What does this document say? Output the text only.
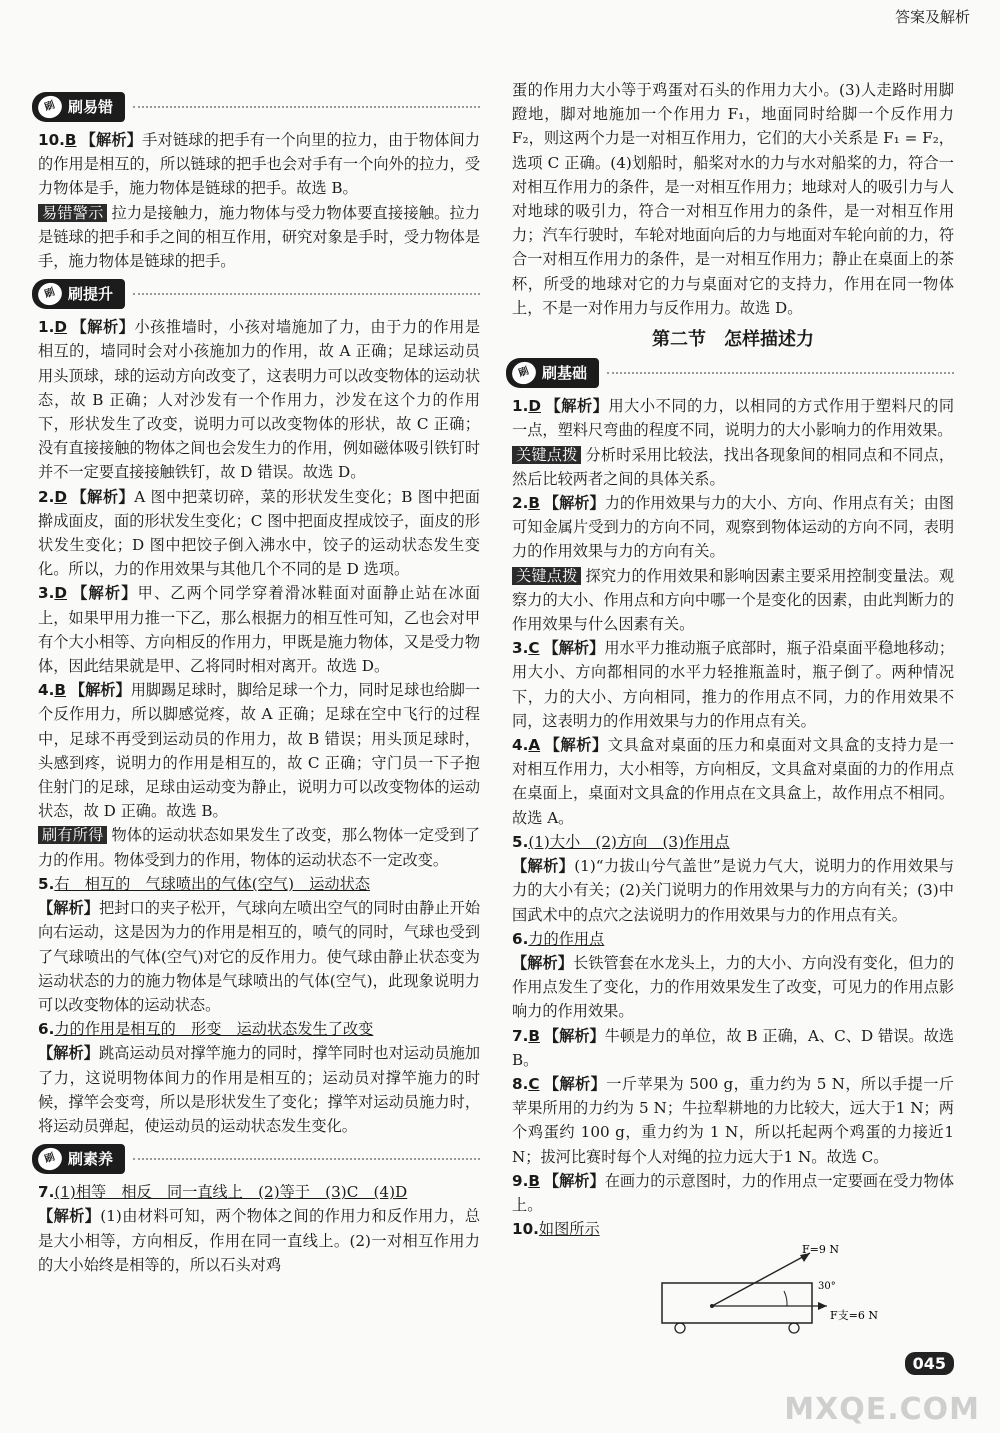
答案及解析
刷 刷易错

10.B 【解析】手对链球的把手有一个向里的拉力，由于物体间力的作用是相互的，所以链球的把手也会对手有一个向外的拉力，受力物体是手，施力物体是链球的把手。故选 B。

易错警示 拉力是接触力，施力物体与受力物体要直接接触。拉力是链球的把手和手之间的相互作用，研究对象是手时，受力物体是手，施力物体是链球的把手。

刷 刷提升

1.D 【解析】小孩推墙时，小孩对墙施加了力，由于力的作用是相互的，墙同时会对小孩施加力的作用，故 A 正确；足球运动员用头顶球，球的运动方向改变了，这表明力可以改变物体的运动状态，故 B 正确；人对沙发有一个作用力，沙发在这个力的作用下，形状发生了改变，说明力可以改变物体的形状，故 C 正确；没有直接接触的物体之间也会发生力的作用，例如磁体吸引铁钉时并不一定要直接接触铁钉，故 D 错误。故选 D。

2.D 【解析】A 图中把菜切碎，菜的形状发生变化；B 图中把面擀成面皮，面的形状发生变化；C 图中把面皮捏成饺子，面皮的形状发生变化；D 图中把饺子倒入沸水中，饺子的运动状态发生变化。所以，力的作用效果与其他几个不同的是 D 选项。

3.D 【解析】甲、乙两个同学穿着滑冰鞋面对面静止站在冰面上，如果甲用力推一下乙，那么根据力的相互性可知，乙也会对甲有个大小相等、方向相反的作用力，甲既是施力物体，又是受力物体，因此结果就是甲、乙将同时相对离开。故选 D。

4.B 【解析】用脚踢足球时，脚给足球一个力，同时足球也给脚一个反作用力，所以脚感觉疼，故 A 正确；足球在空中飞行的过程中，足球不再受到运动员的作用力，故 B 错误；用头顶足球时，头感到疼，说明力的作用是相互的，故 C 正确；守门员一下子抱住射门的足球，足球由运动变为静止，说明力可以改变物体的运动状态，故 D 正确。故选 B。

刷有所得 物体的运动状态如果发生了改变，那么物体一定受到了力的作用。物体受到力的作用，物体的运动状态不一定改变。

5.右　相互的　气球喷出的气体(空气)　运动状态

【解析】把封口的夹子松开，气球向左喷出空气的同时由静止开始向右运动，这是因为力的作用是相互的，喷气的同时，气球也受到了气球喷出的气体(空气)对它的反作用力。使气球由静止状态变为运动状态的力的施力物体是气球喷出的气体(空气)，此现象说明力可以改变物体的运动状态。

6.力的作用是相互的　形变　运动状态发生了改变

【解析】跳高运动员对撑竿施力的同时，撑竿同时也对运动员施加了力，这说明物体间力的作用是相互的；运动员对撑竿施力的时候，撑竿会变弯，所以是形状发生了变化；撑竿对运动员施力时，将运动员弹起，使运动员的运动状态发生变化。

刷 刷素养

7.(1)相等　相反　同一直线上　(2)等于　(3)C　(4)D

【解析】(1)由材料可知，两个物体之间的作用力和反作用力，总是大小相等，方向相反，作用在同一直线上。(2)一对相互作用力的大小始终是相等的，所以石头对鸡

蛋的作用力大小等于鸡蛋对石头的作用力大小。(3)人走路时用脚蹬地，脚对地施加一个作用力 F₁，地面同时给脚一个反作用力 F₂，则这两个力是一对相互作用力，它们的大小关系是 F₁ = F₂，选项 C 正确。(4)划船时，船桨对水的力与水对船桨的力，符合一对相互作用力的条件，是一对相互作用力；地球对人的吸引力与人对地球的吸引力，符合一对相互作用力的条件，是一对相互作用力；汽车行驶时，车轮对地面向后的力与地面对车轮向前的力，符合一对相互作用力的条件，是一对相互作用力；静止在桌面上的茶杯，所受的地球对它的力与桌面对它的支持力，作用在同一物体上，不是一对作用力与反作用力。故选 D。

第二节　怎样描述力
刷 刷基础

1.D 【解析】用大小不同的力，以相同的方式作用于塑料尺的同一点，塑料尺弯曲的程度不同，说明力的大小影响力的作用效果。

关键点拨 分析时采用比较法，找出各现象间的相同点和不同点，然后比较两者之间的具体关系。

2.B 【解析】力的作用效果与力的大小、方向、作用点有关；由图可知金属片受到力的方向不同，观察到物体运动的方向不同，表明力的作用效果与力的方向有关。

关键点拨 探究力的作用效果和影响因素主要采用控制变量法。观察力的大小、作用点和方向中哪一个是变化的因素，由此判断力的作用效果与什么因素有关。

3.C 【解析】用水平力推动瓶子底部时，瓶子沿桌面平稳地移动；用大小、方向都相同的水平力轻推瓶盖时，瓶子倒了。两种情况下，力的大小、方向相同，推力的作用点不同，力的作用效果不同，这表明力的作用效果与力的作用点有关。

4.A 【解析】文具盒对桌面的压力和桌面对文具盒的支持力是一对相互作用力，大小相等，方向相反，文具盒对桌面的力的作用点在桌面上，桌面对文具盒的作用点在文具盒上，故作用点不相同。故选 A。

5.(1)大小　(2)方向　(3)作用点

【解析】(1)“力拔山兮气盖世”是说力气大，说明力的作用效果与力的大小有关；(2)关门说明力的作用效果与力的方向有关；(3)中国武术中的点穴之法说明力的作用效果与力的作用点有关。

6.力的作用点

【解析】长铁管套在水龙头上，力的大小、方向没有变化，但力的作用点发生了变化，力的作用效果发生了改变，可见力的作用点影响力的作用效果。

7.B 【解析】牛顿是力的单位，故 B 正确，A、C、D 错误。故选 B。

8.C 【解析】一斤苹果为 500 g，重力约为 5 N，所以手提一斤苹果所用的力约为 5 N；牛拉犁耕地的力比较大，远大于1 N；两个鸡蛋约 100 g，重力约为 1 N，所以托起两个鸡蛋的力接近1 N；拔河比赛时每个人对绳的拉力远大于1 N。故选 C。

9.B 【解析】在画力的示意图时，力的作用点一定要画在受力物体上。

10.如图所示

F=9 N
30°
F支=6 N
045
MXQE.COM
